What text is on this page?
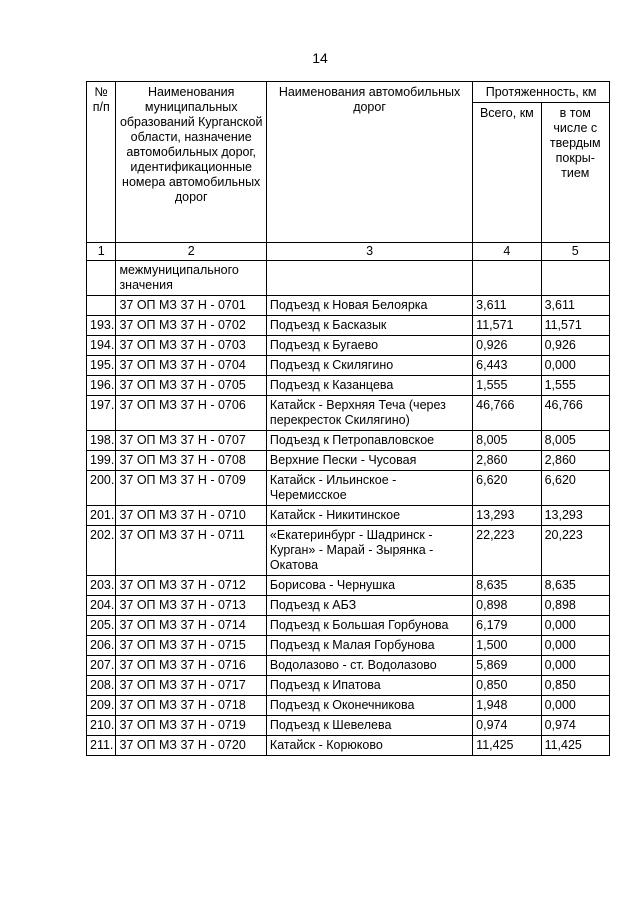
14
№ п/п	Наименования муниципальных образований Курганской области, назначение автомобильных дорог, идентификационные номера автомобильных дорог	Наименования автомобильных дорог	Протяженность, км	
			Всего, км	в том числе с твердым покры-тием
1	2	3	4	5
	межмуниципального значения			
	37 ОП МЗ 37 Н - 0701	Подъезд к Новая Белоярка	3,611	3,611
193.	37 ОП МЗ 37 Н - 0702	Подъезд к Басказык	11,571	11,571
194.	37 ОП МЗ 37 Н - 0703	Подъезд к Бугаево	0,926	0,926
195.	37 ОП МЗ 37 Н - 0704	Подъезд к Скилягино	6,443	0,000
196.	37 ОП МЗ 37 Н - 0705	Подъезд к Казанцева	1,555	1,555
197.	37 ОП МЗ 37 Н - 0706	Катайск - Верхняя Теча (через перекресток Скилягино)	46,766	46,766
198.	37 ОП МЗ 37 Н - 0707	Подъезд к Петропавловское	8,005	8,005
199.	37 ОП МЗ 37 Н - 0708	Верхние Пески - Чусовая	2,860	2,860
200.	37 ОП МЗ 37 Н - 0709	Катайск - Ильинское - Черемисское	6,620	6,620
201.	37 ОП МЗ 37 Н - 0710	Катайск - Никитинское	13,293	13,293
202.	37 ОП МЗ 37 Н - 0711	«Екатеринбург - Шадринск - Курган» - Марай - Зырянка - Окатова	22,223	20,223
203.	37 ОП МЗ 37 Н - 0712	Борисова - Чернушка	8,635	8,635
204.	37 ОП МЗ 37 Н - 0713	Подъезд к АБЗ	0,898	0,898
205.	37 ОП МЗ 37 Н - 0714	Подъезд к Большая Горбунова	6,179	0,000
206.	37 ОП МЗ 37 Н - 0715	Подъезд к Малая Горбунова	1,500	0,000
207.	37 ОП МЗ 37 Н - 0716	Водолазово - ст. Водолазово	5,869	0,000
208.	37 ОП МЗ 37 Н - 0717	Подъезд к Ипатова	0,850	0,850
209.	37 ОП МЗ 37 Н - 0718	Подъезд к Оконечникова	1,948	0,000
210.	37 ОП МЗ 37 Н - 0719	Подъезд к Шевелева	0,974	0,974
211.	37 ОП МЗ 37 Н - 0720	Катайск - Корюково	11,425	11,425
